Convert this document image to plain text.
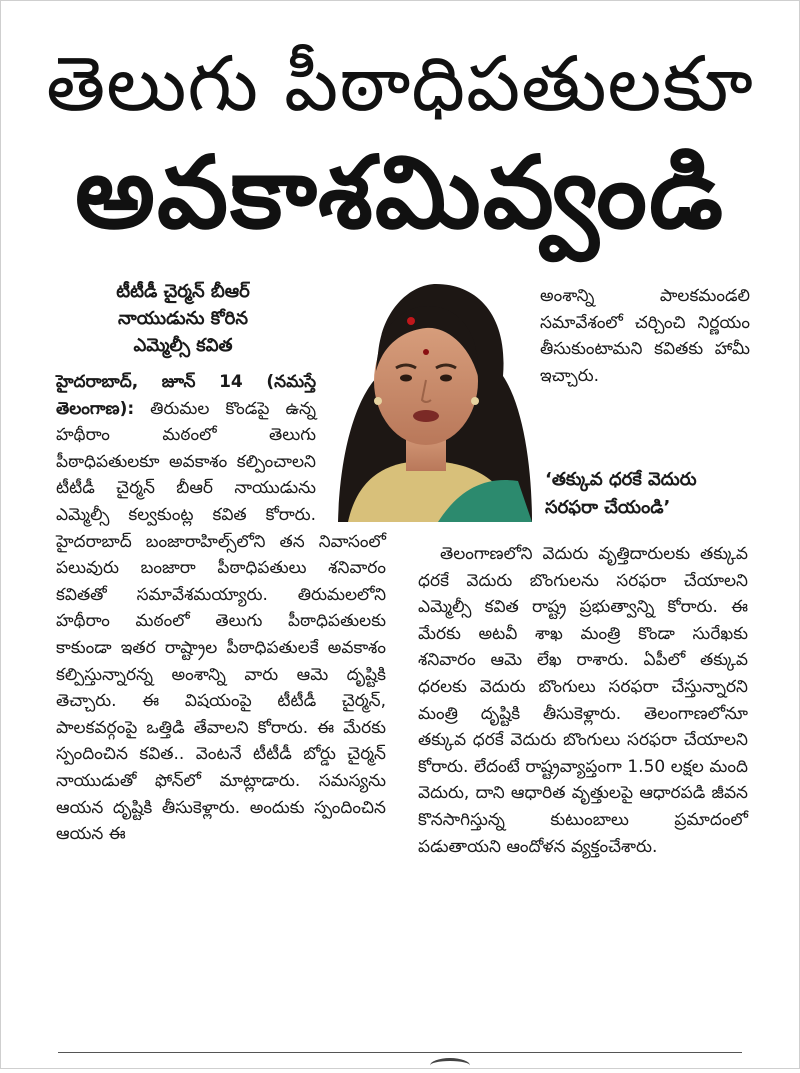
తెలుగు పీఠాధిపతులకూ
అవకాశమివ్వండి
టీటీడీ చైర్మన్ బీఆర్
నాయుడును కోరిన
ఎమ్మెల్సీ కవిత

హైదరాబాద్, జూన్ 14 (నమస్తే తెలంగాణ): తిరుమల కొండపై ఉన్న హథీరాం మఠంలో తెలుగు పీఠాధిపతులకూ అవకాశం కల్పించాలని టీటీడీ చైర్మన్ బీఆర్ నాయుడును ఎమ్మెల్సీ కల్వకుంట్ల కవిత కోరారు. హైదరాబాద్ బంజారాహిల్స్‌లోని తన నివాసంలో పలువురు బంజారా పీఠాధిపతులు శనివారం కవితతో సమావేశమయ్యారు. తిరుమలలోని హథీరాం మఠంలో తెలుగు పీఠాధిపతులకు కాకుండా ఇతర రాష్ట్రాల పీఠాధిపతులకే అవకాశం కల్పిస్తున్నారన్న అంశాన్ని వారు ఆమె దృష్టికి తెచ్చారు. ఈ విషయంపై టీటీడీ చైర్మన్, పాలకవర్గంపై ఒత్తిడి తేవాలని కోరారు. ఈ మేరకు స్పందించిన కవిత.. వెంటనే టీటీడీ బోర్డు చైర్మన్ నాయుడుతో ఫోన్‌లో మాట్లాడారు. సమస్యను ఆయన దృష్టికి తీసుకెళ్లారు. అందుకు స్పందించిన ఆయన ఈ

అంశాన్ని పాలకమండలి సమావేశంలో చర్చించి నిర్ణయం తీసుకుంటామని కవితకు హామీ ఇచ్చారు.
‘తక్కువ ధరకే వెదురు సరఫరా చేయండి’
తెలంగాణలోని వెదురు వృత్తిదారులకు తక్కువ ధరకే వెదురు బొంగులను సరఫరా చేయాలని ఎమ్మెల్సీ కవిత రాష్ట్ర ప్రభుత్వాన్ని కోరారు. ఈ మేరకు అటవీ శాఖ మంత్రి కొండా సురేఖకు శనివారం ఆమె లేఖ రాశారు. ఏపీలో తక్కువ ధరలకు వెదురు బొంగులు సరఫరా చేస్తున్నారని మంత్రి దృష్టికి తీసుకెళ్లారు. తెలంగాణలోనూ తక్కువ ధరకే వెదురు బొంగులు సరఫరా చేయాలని కోరారు. లేదంటే రాష్ట్రవ్యాప్తంగా 1.50 లక్షల మంది వెదురు, దాని ఆధారిత వృత్తులపై ఆధారపడి జీవన కొనసాగిస్తున్న కుటుంబాలు ప్రమాదంలో పడుతాయని ఆందోళన వ్యక్తంచేశారు.
